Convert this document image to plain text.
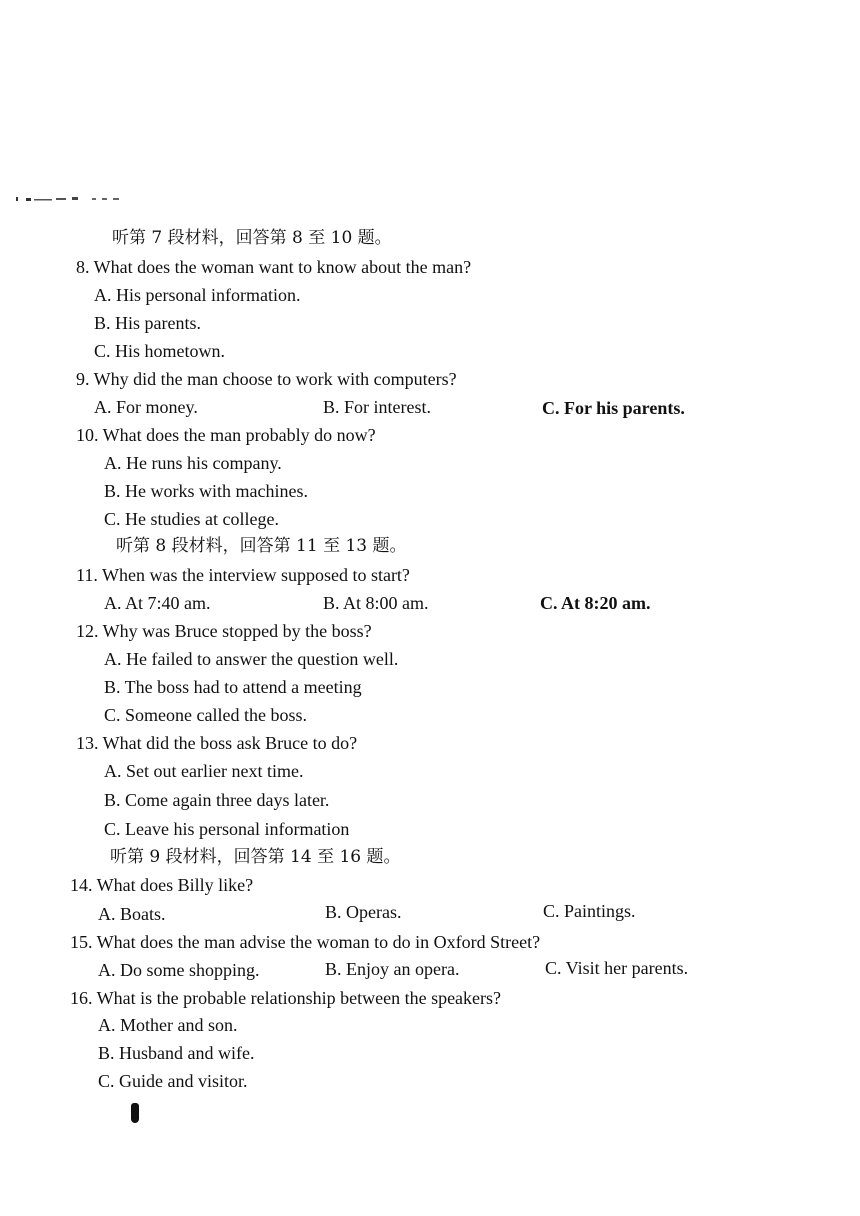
听第 7 段材料，回答第 8 至 10 题。
8. What does the woman want to know about the man?
A. His personal information.
B. His parents.
C. His hometown.
9. Why did the man choose to work with computers?
A. For money.	B. For interest.	C. For his parents.
10. What does the man probably do now?
A. He runs his company.
B. He works with machines.
C. He studies at college.
听第 8 段材料，回答第 11 至 13 题。
11. When was the interview supposed to start?
A. At 7:40 am.	B. At 8:00 am.	C. At 8:20 am.
12. Why was Bruce stopped by the boss?
A. He failed to answer the question well.
B. The boss had to attend a meeting
C. Someone called the boss.
13. What did the boss ask Bruce to do?
A. Set out earlier next time.
B. Come again three days later.
C. Leave his personal information
听第 9 段材料，回答第 14 至 16 题。
14. What does Billy like?
A. Boats.	B. Operas.	C. Paintings.
15. What does the man advise the woman to do in Oxford Street?
A. Do some shopping.	B. Enjoy an opera.	C. Visit her parents.
16. What is the probable relationship between the speakers?
A. Mother and son.
B. Husband and wife.
C. Guide and visitor.
